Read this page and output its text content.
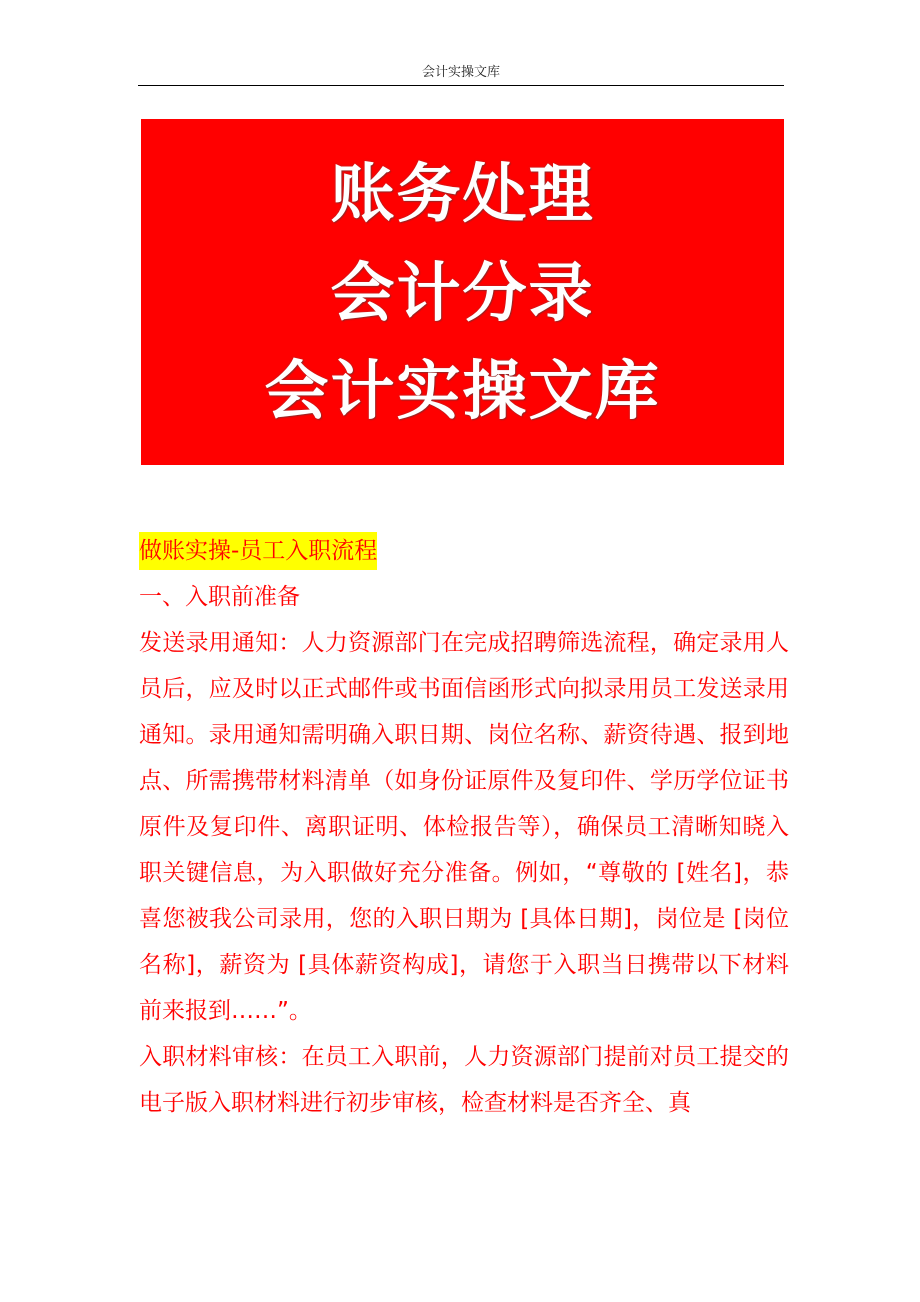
会计实操文库
账务处理
会计分录
会计实操文库
做账实操-员工入职流程

一、入职前准备

发送录用通知：人力资源部门在完成招聘筛选流程，确定录用人员后，应及时以正式邮件或书面信函形式向拟录用员工发送录用通知。录用通知需明确入职日期、岗位名称、薪资待遇、报到地点、所需携带材料清单（如身份证原件及复印件、学历学位证书原件及复印件、离职证明、体检报告等），确保员工清晰知晓入职关键信息，为入职做好充分准备。例如，“尊敬的 [姓名]，恭喜您被我公司录用，您的入职日期为 [具体日期]，岗位是 [岗位名称]，薪资为 [具体薪资构成]，请您于入职当日携带以下材料前来报到……”。

入职材料审核：在员工入职前，人力资源部门提前对员工提交的电子版入职材料进行初步审核，检查材料是否齐全、真
